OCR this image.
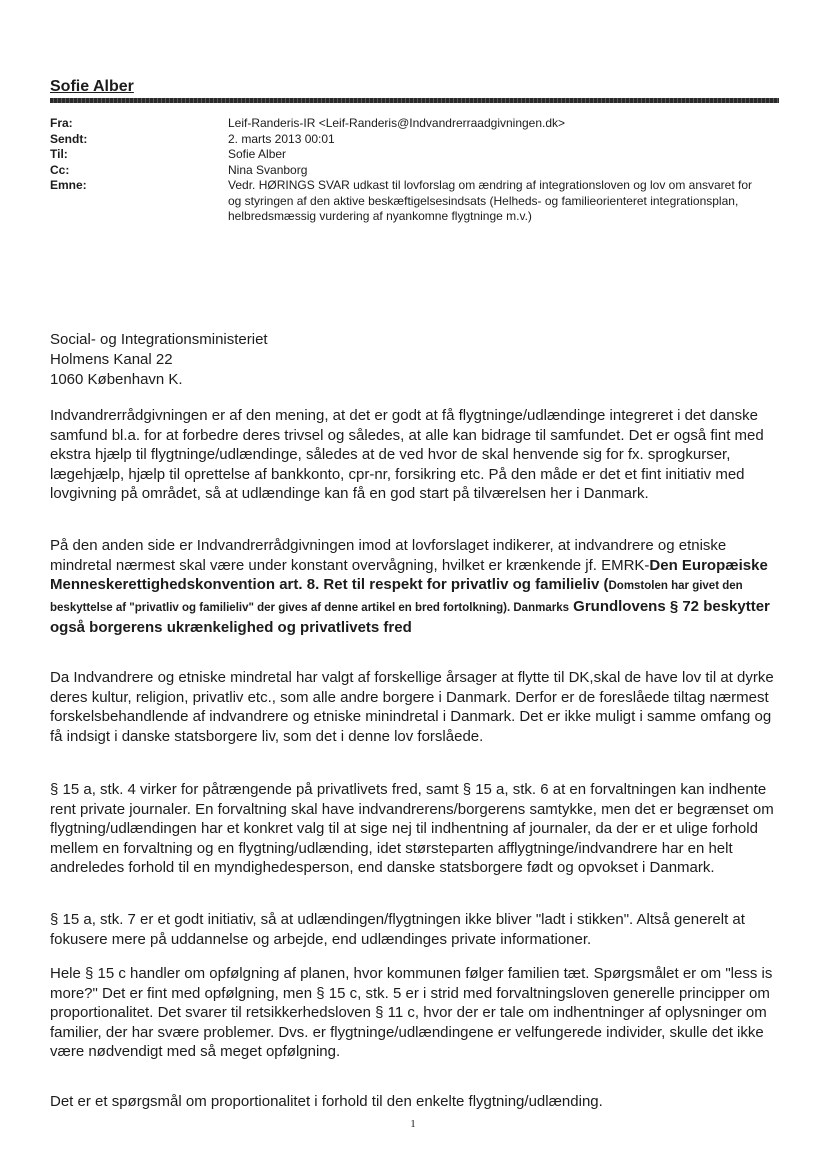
Sofie Alber
Fra:	Leif-Randeris-IR <Leif-Randeris@Indvandrerraadgivningen.dk>
Sendt:	2. marts 2013 00:01
Til:	Sofie Alber
Cc:	Nina Svanborg
Emne:	Vedr. HØRINGS SVAR udkast til lovforslag om ændring af integrationsloven og lov om ansvaret for og styringen af den aktive beskæftigelsesindsats (Helheds- og familieorienteret integrationsplan, helbredsmæssig vurdering af nyankomne flygtninge m.v.)
Social- og Integrationsministeriet
Holmens Kanal 22
1060 København K.

Indvandrerrådgivningen er af den mening, at det er godt at få flygtninge/udlændinge integreret i det danske samfund bl.a. for at forbedre deres trivsel og således, at alle kan bidrage til samfundet. Det er også fint med ekstra hjælp til flygtninge/udlændinge, således at de ved hvor de skal henvende sig for fx. sprogkurser, lægehjælp, hjælp til oprettelse af bankkonto, cpr-nr, forsikring etc. På den måde er det et fint initiativ med lovgivning på området, så at udlændinge kan få en god start på tilværelsen her i Danmark.

På den anden side er Indvandrerrådgivningen imod at lovforslaget indikerer, at indvandrere og etniske mindretal nærmest skal være under konstant overvågning, hvilket er krænkende jf. EMRK-Den Europæiske Menneskerettighedskonvention art. 8. Ret til respekt for privatliv og familieliv (Domstolen har givet den beskyttelse af "privatliv og familieliv" der gives af denne artikel en bred fortolkning). Danmarks Grundlovens § 72 beskytter også borgerens ukrænkelighed og privatlivets fred

Da Indvandrere og etniske mindretal har valgt af forskellige årsager at flytte til DK,skal de have lov til at dyrke deres kultur, religion, privatliv etc., som alle andre borgere i Danmark. Derfor er de foreslåede tiltag nærmest forskelsbehandlende af indvandrere og etniske minindretal i Danmark. Det er ikke muligt i samme omfang og få indsigt i danske statsborgere liv, som det i denne lov forslåede.

§ 15 a, stk. 4 virker for påtrængende på privatlivets fred, samt § 15 a, stk. 6 at en forvaltningen kan indhente rent private journaler. En forvaltning skal have indvandrerens/borgerens samtykke, men det er begrænset om flygtning/udlændingen har et konkret valg til at sige nej til indhentning af journaler, da der er et ulige forhold mellem en forvaltning og en flygtning/udlænding, idet størsteparten afflygtninge/indvandrere har en helt andreledes forhold til en myndighedesperson, end danske statsborgere født og opvokset i Danmark.

§ 15 a, stk. 7 er et godt initiativ, så at udlændingen/flygtningen ikke bliver "ladt i stikken". Altså generelt at fokusere mere på uddannelse og arbejde, end udlændinges private informationer.

Hele § 15 c handler om opfølgning af planen, hvor kommunen følger familien tæt. Spørgsmålet er om "less is more?" Det er fint med opfølgning, men § 15 c, stk. 5 er i strid med forvaltningsloven generelle principper om proportionalitet. Det svarer til retsikkerhedsloven § 11 c, hvor der er tale om indhentninger af oplysninger om familier, der har svære problemer. Dvs. er flygtninge/udlændingene er velfungerede individer, skulle det ikke være nødvendigt med så meget opfølgning.

Det er et spørgsmål om proportionalitet i forhold til den enkelte flygtning/udlænding.

1
